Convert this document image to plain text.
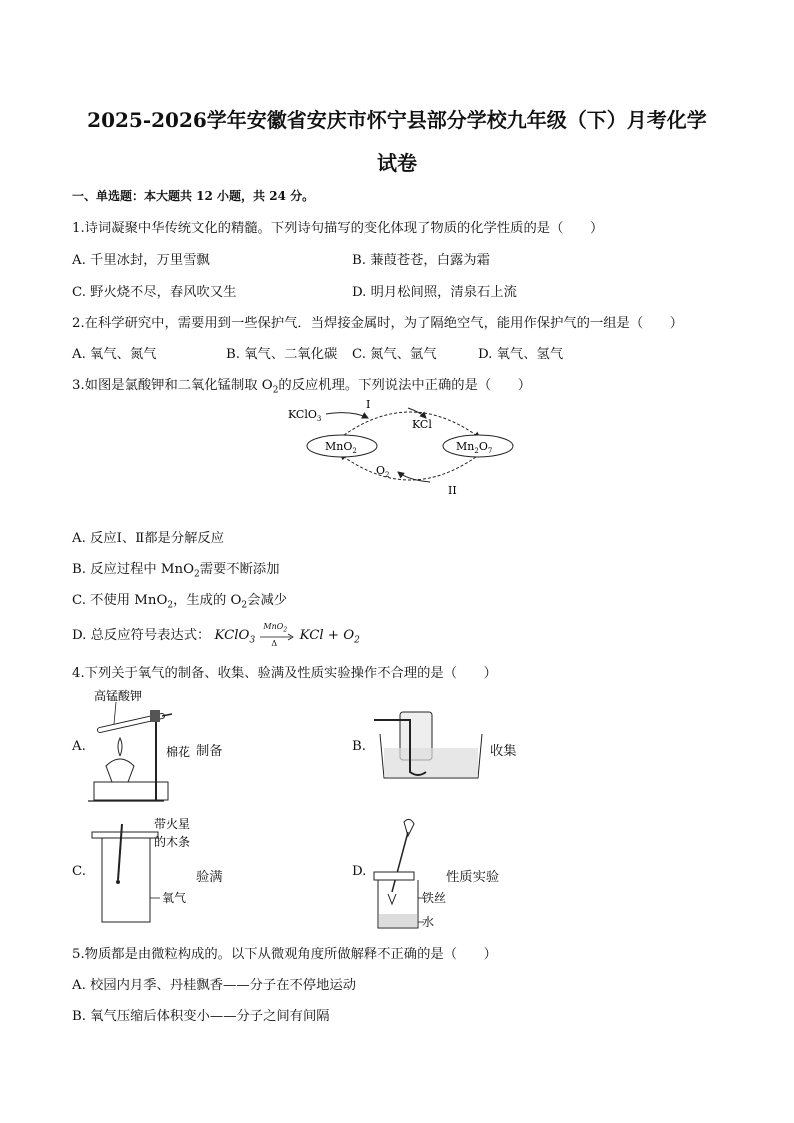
2025-2026学年安徽省安庆市怀宁县部分学校九年级（下）月考化学
试卷
一、单选题：本大题共 12 小题，共 24 分。
1.诗词凝聚中华传统文化的精髓。下列诗句描写的变化体现了物质的化学性质的是（　　）
A. 千里冰封，万里雪飘	B. 蒹葭苍苍，白露为霜
C. 野火烧不尽，春风吹又生	D. 明月松间照，清泉石上流
2.在科学研究中，需要用到一些保护气．当焊接金属时，为了隔绝空气，能用作保护气的一组是（　　）
A. 氧气、氮气	B. 氧气、二氧化碳 C. 氮气、氩气	D. 氧气、氢气
3.如图是氯酸钾和二氧化锰制取 $O_2$的反应机理。下列说法中正确的是（　　）
KClO$_3$
I
KCl
MnO$_2$	$Mn_2O_7$
$O_2$
II
A. 反应Ⅰ、Ⅱ都是分解反应
B. 反应过程中 MnO$_2$需要不断添加
C. 不使用 MnO$_2$，生成的 $O_2$会减少
D. 总反应符号表达式： KClO$_3$
MnO$_2$
Δ KCl + $O_2$
4.下列关于氧气的制备、收集、验满及性质实验操作不合理的是（　　）
A.
高锰酸钾
棉花 制备	B.	收集
C.
带火星
的木条
氧气
验满	D.
铁丝
水
性质实验
5.物质都是由微粒构成的。以下从微观角度所做解释不正确的是（　　）
A. 校园内月季、丹桂飘香——分子在不停地运动
B. 氧气压缩后体积变小——分子之间有间隔
